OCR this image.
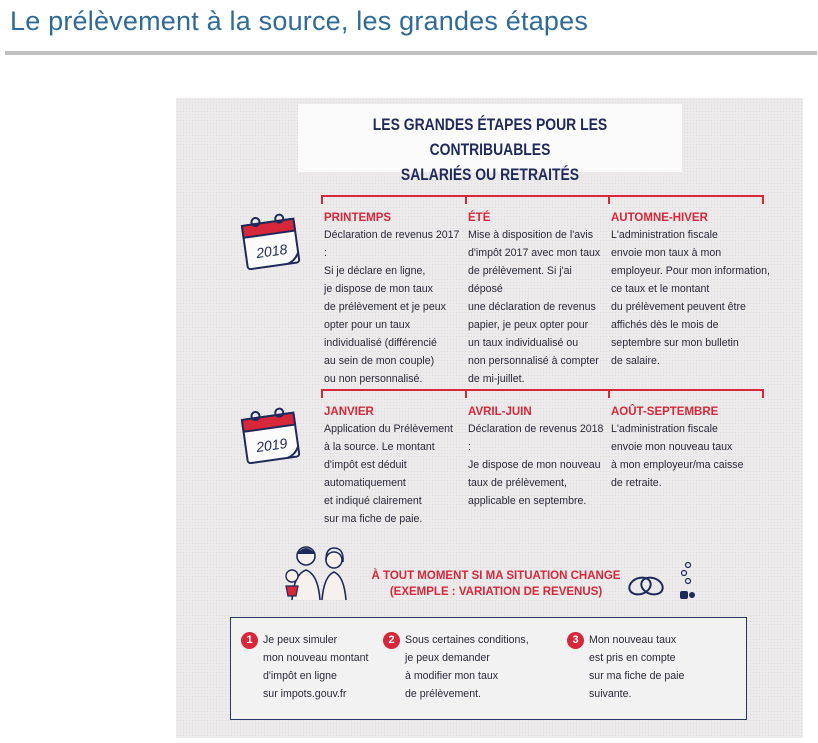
Le prélèvement à la source, les grandes étapes
LES GRANDES ÉTAPES POUR LES CONTRIBUABLES
SALARIÉS OU RETRAITÉS
2018
PRINTEMPS
Déclaration de revenus 2017 :
Si je déclare en ligne,
je dispose de mon taux
de prélèvement et je peux
opter pour un taux
individualisé (différencié
au sein de mon couple)
ou non personnalisé.
ÉTÉ
Mise à disposition de l'avis
d'impôt 2017 avec mon taux
de prélèvement. Si j'ai déposé
une déclaration de revenus
papier, je peux opter pour
un taux individualisé ou
non personnalisé à compter
de mi-juillet.
AUTOMNE-HIVER
L'administration fiscale
envoie mon taux à mon
employeur. Pour mon information,
ce taux et le montant
du prélèvement peuvent être
affichés dès le mois de
septembre sur mon bulletin
de salaire.
2019
JANVIER
Application du Prélèvement
à la source. Le montant
d'impôt est déduit
automatiquement
et indiqué clairement
sur ma fiche de paie.
AVRIL-JUIN
Déclaration de revenus 2018 :
Je dispose de mon nouveau
taux de prélèvement,
applicable en septembre.
AOÛT-SEPTEMBRE
L'administration fiscale
envoie mon nouveau taux
à mon employeur/ma caisse
de retraite.
À TOUT MOMENT SI MA SITUATION CHANGE
(EXEMPLE : VARIATION DE REVENUS)
1 Je peux simuler
mon nouveau montant
d'impôt en ligne
sur impots.gouv.fr
2 Sous certaines conditions,
je peux demander
à modifier mon taux
de prélèvement.
3 Mon nouveau taux
est pris en compte
sur ma fiche de paie
suivante.
